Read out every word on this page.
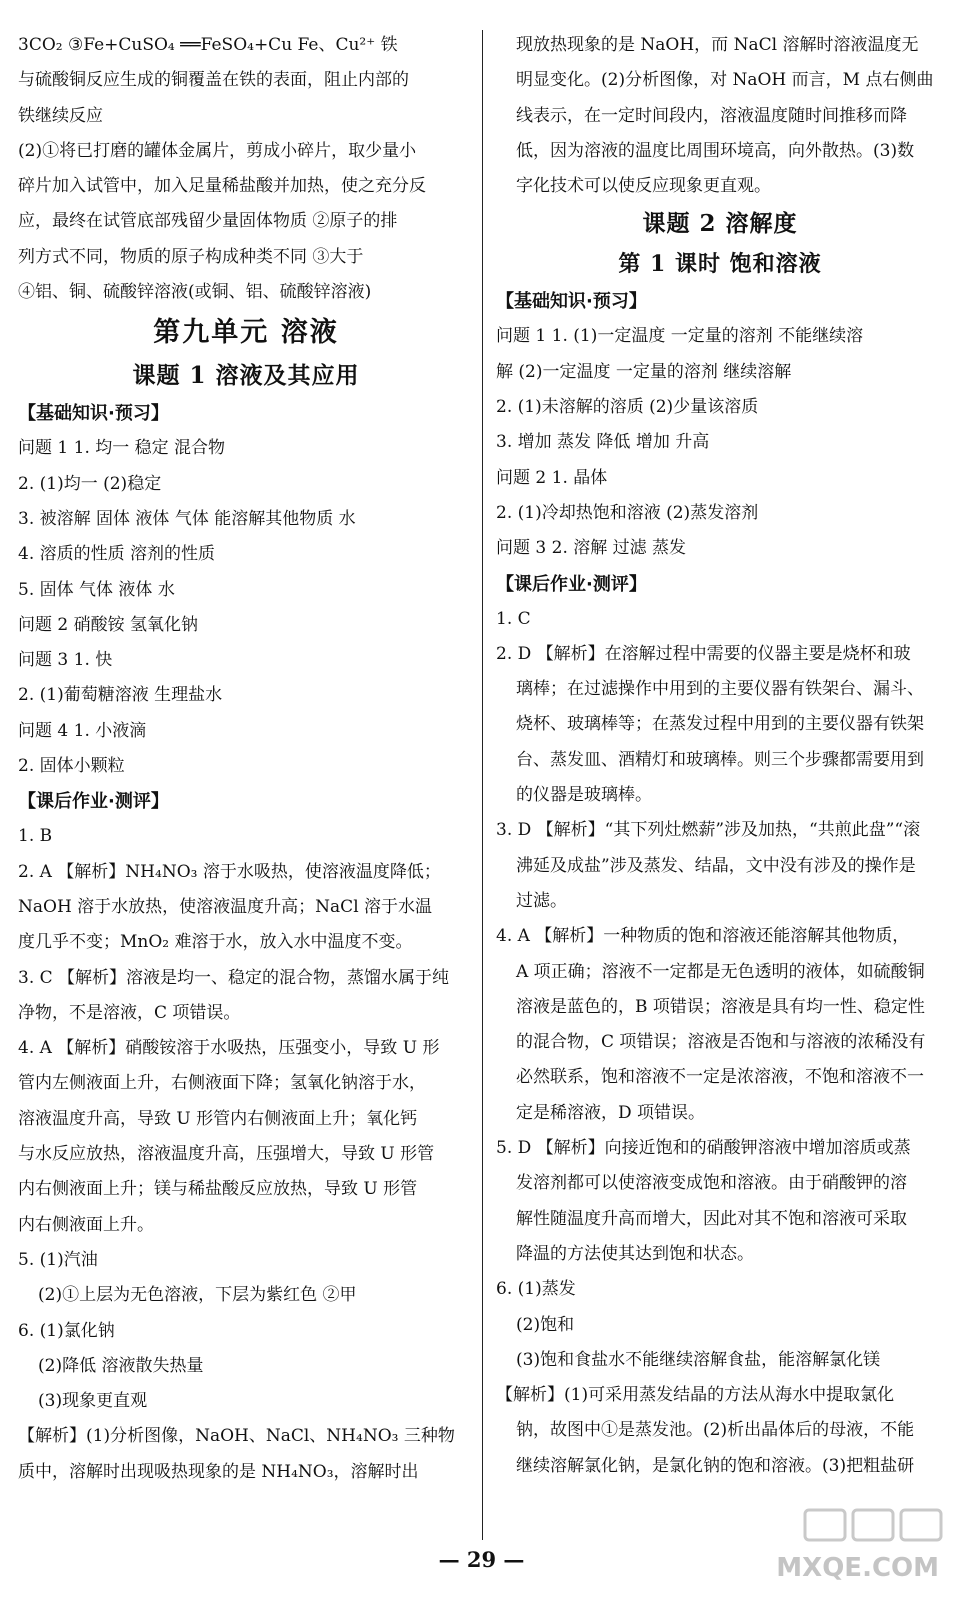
3CO₂ ③Fe+CuSO₄ ══FeSO₄+Cu Fe、Cu²⁺ 铁
与硫酸铜反应生成的铜覆盖在铁的表面，阻止内部的
铁继续反应
(2)①将已打磨的罐体金属片，剪成小碎片，取少量小
碎片加入试管中，加入足量稀盐酸并加热，使之充分反
应，最终在试管底部残留少量固体物质 ②原子的排
列方式不同，物质的原子构成种类不同 ③大于
④铝、铜、硫酸锌溶液(或铜、铝、硫酸锌溶液)
第九单元 溶液
课题 1 溶液及其应用
【基础知识·预习】
问题 1 1. 均一 稳定 混合物
2. (1)均一 (2)稳定
3. 被溶解 固体 液体 气体 能溶解其他物质 水
4. 溶质的性质 溶剂的性质
5. 固体 气体 液体 水
问题 2 硝酸铵 氢氧化钠
问题 3 1. 快
2. (1)葡萄糖溶液 生理盐水
问题 4 1. 小液滴
2. 固体小颗粒
【课后作业·测评】
1. B
2. A 【解析】NH₄NO₃ 溶于水吸热，使溶液温度降低；
NaOH 溶于水放热，使溶液温度升高；NaCl 溶于水温
度几乎不变；MnO₂ 难溶于水，放入水中温度不变。
3. C 【解析】溶液是均一、稳定的混合物，蒸馏水属于纯
净物，不是溶液，C 项错误。
4. A 【解析】硝酸铵溶于水吸热，压强变小，导致 U 形
管内左侧液面上升，右侧液面下降；氢氧化钠溶于水，
溶液温度升高，导致 U 形管内右侧液面上升；氧化钙
与水反应放热，溶液温度升高，压强增大，导致 U 形管
内右侧液面上升；镁与稀盐酸反应放热，导致 U 形管
内右侧液面上升。
5. (1)汽油
(2)①上层为无色溶液，下层为紫红色 ②甲
6. (1)氯化钠
(2)降低 溶液散失热量
(3)现象更直观
【解析】(1)分析图像，NaOH、NaCl、NH₄NO₃ 三种物
质中，溶解时出现吸热现象的是 NH₄NO₃，溶解时出
现放热现象的是 NaOH，而 NaCl 溶解时溶液温度无
明显变化。(2)分析图像，对 NaOH 而言，M 点右侧曲
线表示，在一定时间段内，溶液温度随时间推移而降
低，因为溶液的温度比周围环境高，向外散热。(3)数
字化技术可以使反应现象更直观。
课题 2 溶解度
第 1 课时 饱和溶液
【基础知识·预习】
问题 1 1. (1)一定温度 一定量的溶剂 不能继续溶
解 (2)一定温度 一定量的溶剂 继续溶解
2. (1)未溶解的溶质 (2)少量该溶质
3. 增加 蒸发 降低 增加 升高
问题 2 1. 晶体
2. (1)冷却热饱和溶液 (2)蒸发溶剂
问题 3 2. 溶解 过滤 蒸发
【课后作业·测评】
1. C
2. D 【解析】在溶解过程中需要的仪器主要是烧杯和玻
璃棒；在过滤操作中用到的主要仪器有铁架台、漏斗、
烧杯、玻璃棒等；在蒸发过程中用到的主要仪器有铁架
台、蒸发皿、酒精灯和玻璃棒。则三个步骤都需要用到
的仪器是玻璃棒。
3. D 【解析】“其下列灶燃薪”涉及加热，“共煎此盘”“滚
沸延及成盐”涉及蒸发、结晶，文中没有涉及的操作是
过滤。
4. A 【解析】一种物质的饱和溶液还能溶解其他物质，
A 项正确；溶液不一定都是无色透明的液体，如硫酸铜
溶液是蓝色的，B 项错误；溶液是具有均一性、稳定性
的混合物，C 项错误；溶液是否饱和与溶液的浓稀没有
必然联系，饱和溶液不一定是浓溶液，不饱和溶液不一
定是稀溶液，D 项错误。
5. D 【解析】向接近饱和的硝酸钾溶液中增加溶质或蒸
发溶剂都可以使溶液变成饱和溶液。由于硝酸钾的溶
解性随温度升高而增大，因此对其不饱和溶液可采取
降温的方法使其达到饱和状态。
6. (1)蒸发
(2)饱和
(3)饱和食盐水不能继续溶解食盐，能溶解氯化镁
【解析】(1)可采用蒸发结晶的方法从海水中提取氯化
钠，故图中①是蒸发池。(2)析出晶体后的母液，不能
继续溶解氯化钠，是氯化钠的饱和溶液。(3)把粗盐研
— 29 —	MXQE.COM
